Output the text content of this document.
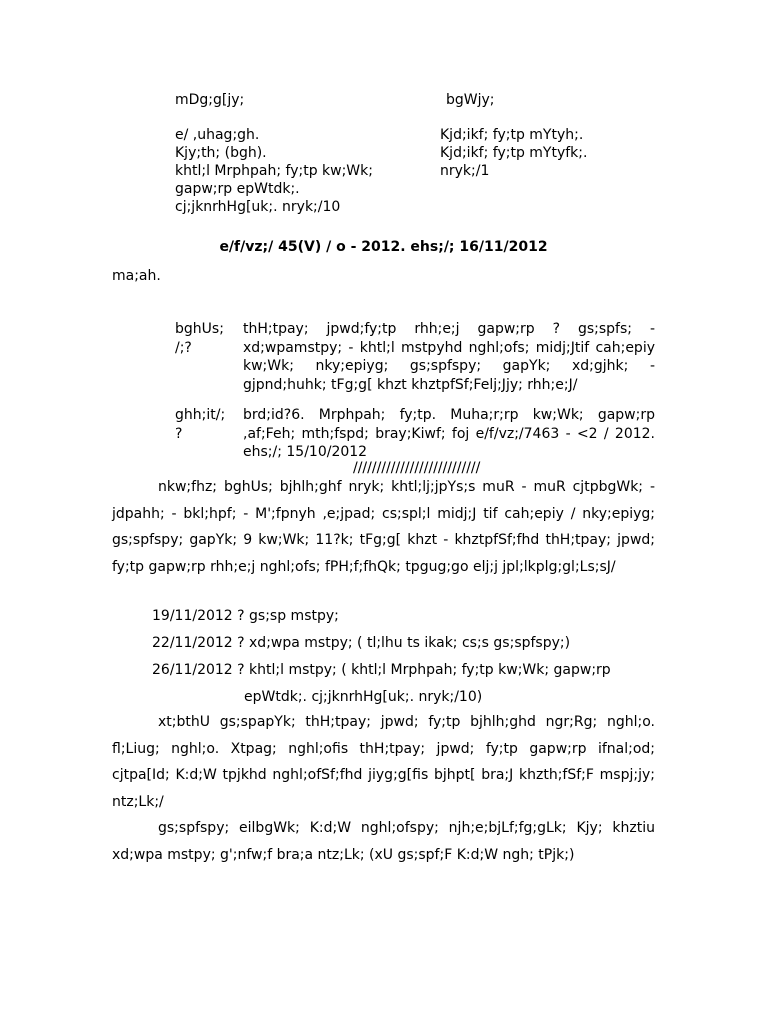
mDg;g[jy;	bgWjy;
e/ ,uhag;gh.
Kjy;th; (bgh).
khtl;l Mrphpah; fy;tp kw;Wk;
gapw;rp epWtdk;.
cj;jknrhHg[uk;. nryk;/10
Kjd;ikf; fy;tp mYtyh;.
Kjd;ikf; fy;tp mYtyfk;.
nryk;/1
e/f/vz;/ 45(V) / o - 2012. ehs;/; 16/11/2012
ma;ah.
bghUs;
/;?
thH;tpay; jpwd;fy;tp rhh;e;j gapw;rp ? gs;spfs; - xd;wpamstpy; - khtl;l mstpyhd nghl;ofs; midj;Jtif cah;epiy kw;Wk; nky;epiyg; gs;spfspy; gapYk; xd;gjhk; - gjpnd;huhk; tFg;g[ khzt khztpfSf;Felj;Jjy; rhh;e;J/
ghh;it/;
?
brd;id?6. Mrphpah; fy;tp. Muha;r;rp kw;Wk; gapw;rp ,af;Feh; mth;fspd; bray;Kiwf; foj e/f/vz;/7463 - <2 / 2012. ehs;/; 15/10/2012
///////////////////////////
nkw;fhz; bghUs; bjhlh;ghf nryk; khtl;lj;jpYs;s muR - muR cjtpbgWk; - jdpahh; - bkl;hpf; - M';fpnyh ,e;jpad; cs;spl;l midj;J tif cah;epiy / nky;epiyg; gs;spfspy; gapYk; 9 kw;Wk; 11?k; tFg;g[ khzt - khztpfSf;fhd thH;tpay; jpwd; fy;tp gapw;rp rhh;e;j nghl;ofs; fPH;f;fhQk; tpgug;go elj;j jpl;lkplg;gl;Ls;sJ/
19/11/2012 ? gs;sp mstpy;
22/11/2012 ? xd;wpa mstpy; ( tl;lhu ts ikak; cs;s gs;spfspy;)
26/11/2012 ? khtl;l mstpy; ( khtl;l Mrphpah; fy;tp kw;Wk; gapw;rp
epWtdk;. cj;jknrhHg[uk;. nryk;/10)
xt;bthU gs;spapYk; thH;tpay; jpwd; fy;tp bjhlh;ghd ngr;Rg; nghl;o. fl;Liug; nghl;o. Xtpag; nghl;ofis thH;tpay; jpwd; fy;tp gapw;rp ifnal;od; cjtpa[Id; K:d;W tpjkhd nghl;ofSf;fhd jiyg;g[fis bjhpt[ bra;J khzth;fSf;F mspj;jy; ntz;Lk;/
gs;spfspy; eilbgWk; K:d;W nghl;ofspy; njh;e;bjLf;fg;gLk; Kjy; khztiu xd;wpa mstpy; g';nfw;f bra;a ntz;Lk; (xU gs;spf;F K:d;W ngh; tPjk;)
